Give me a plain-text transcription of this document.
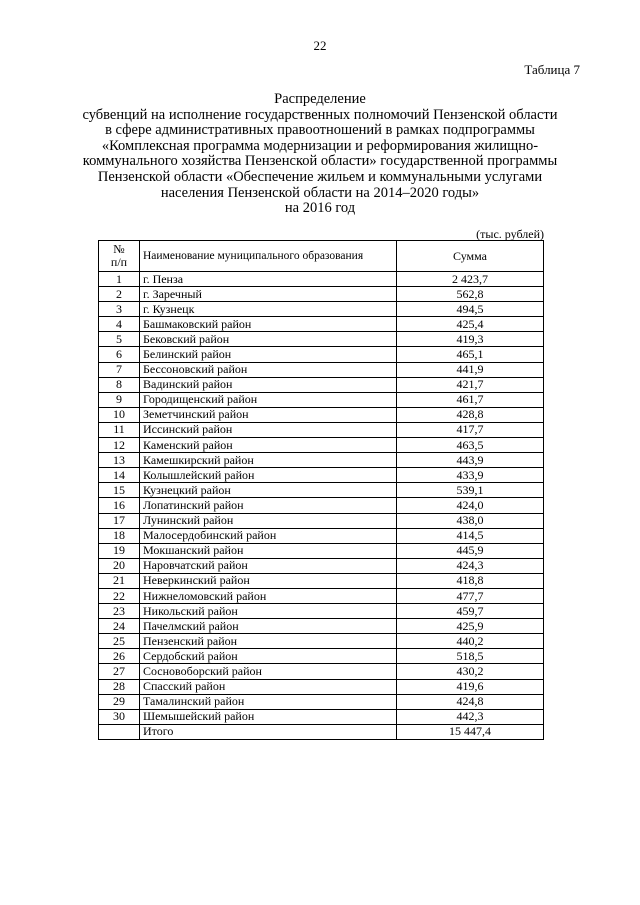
22
Таблица 7
Распределение
субвенций на исполнение государственных полномочий Пензенской области
в сфере административных правоотношений в рамках подпрограммы
«Комплексная программа модернизации и реформирования жилищно-
коммунального хозяйства Пензенской области» государственной программы
Пензенской области «Обеспечение жильем и коммунальными услугами
населения Пензенской области на 2014–2020 годы»
на 2016 год
(тыс. рублей)
№
п/п	Наименование муниципального образования	Сумма
1	г. Пенза	2 423,7
2	г. Заречный	562,8
3	г. Кузнецк	494,5
4	Башмаковский район	425,4
5	Бековский район	419,3
6	Белинский район	465,1
7	Бессоновский район	441,9
8	Вадинский район	421,7
9	Городищенский район	461,7
10	Земетчинский район	428,8
11	Иссинский район	417,7
12	Каменский район	463,5
13	Камешкирский район	443,9
14	Колышлейский район	433,9
15	Кузнецкий район	539,1
16	Лопатинский район	424,0
17	Лунинский район	438,0
18	Малосердобинский район	414,5
19	Мокшанский район	445,9
20	Наровчатский район	424,3
21	Неверкинский район	418,8
22	Нижнеломовский район	477,7
23	Никольский район	459,7
24	Пачелмский район	425,9
25	Пензенский район	440,2
26	Сердобский район	518,5
27	Сосновоборский район	430,2
28	Спасский район	419,6
29	Тамалинский район	424,8
30	Шемышейский район	442,3
	Итого	15 447,4
